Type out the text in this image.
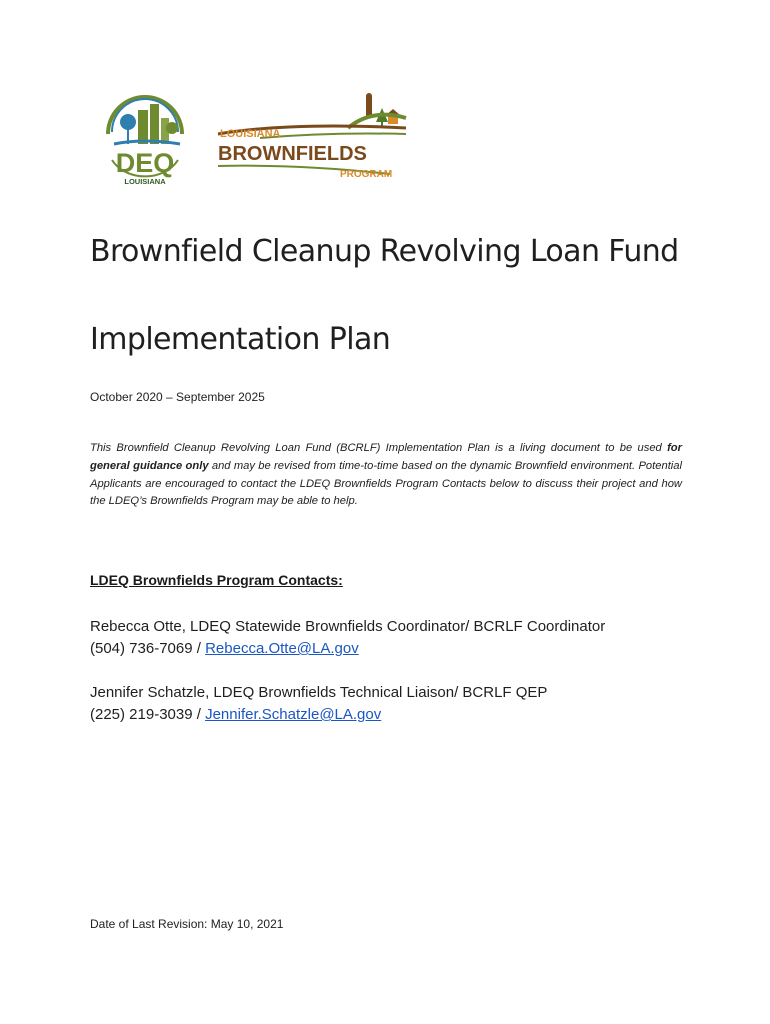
DEQ
LOUISIANA
LOUISIANA
BROWNFIELDS
PROGRAM
Brownfield Cleanup Revolving Loan Fund
Implementation Plan

October 2020 – September 2025

This Brownfield Cleanup Revolving Loan Fund (BCRLF) Implementation Plan is a living document to be used for general guidance only and may be revised from time-to-time based on the dynamic Brownfield environment. Potential Applicants are encouraged to contact the LDEQ Brownfields Program Contacts below to discuss their project and how the LDEQ’s Brownfields Program may be able to help.

LDEQ Brownfields Program Contacts:

Rebecca Otte, LDEQ Statewide Brownfields Coordinator/ BCRLF Coordinator
(504) 736-7069 / Rebecca.Otte@LA.gov
Jennifer Schatzle, LDEQ Brownfields Technical Liaison/ BCRLF QEP
(225) 219-3039 / Jennifer.Schatzle@LA.gov

Date of Last Revision: May 10, 2021
